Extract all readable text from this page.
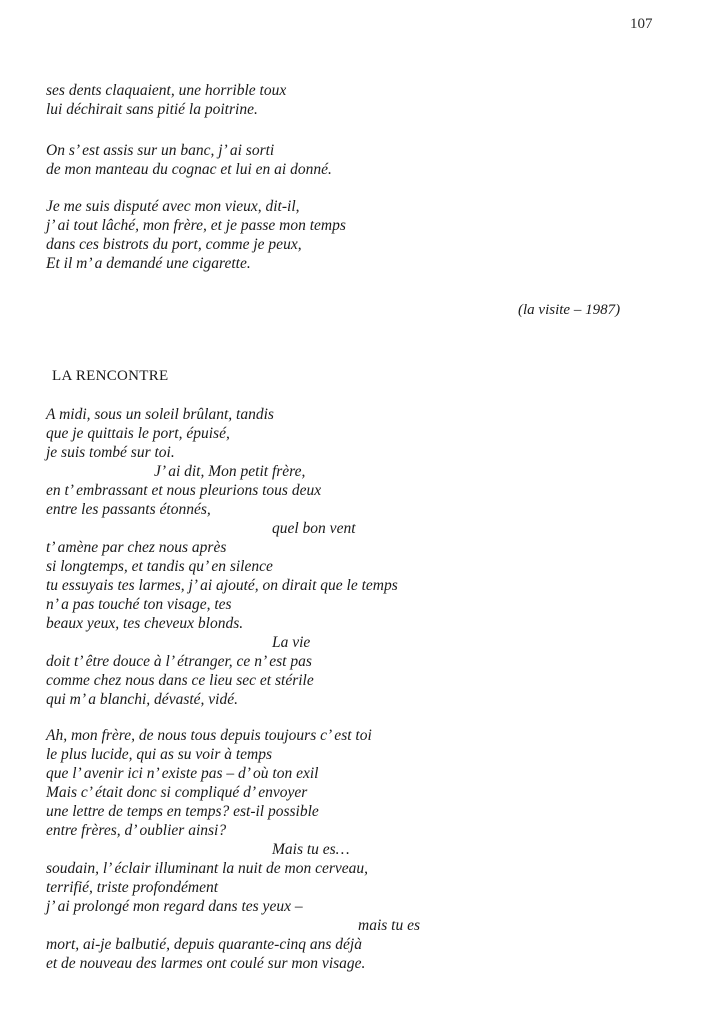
107
ses dents claquaient, une horrible toux
lui déchirait sans pitié la poitrine.
On s’ est assis sur un banc, j’ ai sorti
de mon manteau du cognac et lui en ai donné.
Je me suis disputé avec mon vieux, dit-il,
j’ ai tout lâché, mon frère, et je passe mon temps
dans ces bistrots du port, comme je peux,
Et il m’ a demandé une cigarette.
(la visite – 1987)
LA RENCONTRE
A midi, sous un soleil brûlant, tandis
que je quittais le port, épuisé,
je suis tombé sur toi.
J’ ai dit, Mon petit frère,
en t’ embrassant et nous pleurions tous deux
entre les passants étonnés,
quel bon vent
t’ amène par chez nous après
si longtemps, et tandis qu’ en silence
tu essuyais tes larmes, j’ ai ajouté, on dirait que le temps
n’ a pas touché ton visage, tes
beaux yeux, tes cheveux blonds.
La vie
doit t’ être douce à l’ étranger, ce n’ est pas
comme chez nous dans ce lieu sec et stérile
qui m’ a blanchi, dévasté, vidé.
Ah, mon frère, de nous tous depuis toujours c’ est toi
le plus lucide, qui as su voir à temps
que l’ avenir ici n’ existe pas – d’ où ton exil
Mais c’ était donc si compliqué d’ envoyer
une lettre de temps en temps? est-il possible
entre frères, d’ oublier ainsi?
Mais tu es…
soudain, l’ éclair illuminant la nuit de mon cerveau,
terrifié, triste profondément
j’ ai prolongé mon regard dans tes yeux –
mais tu es
mort, ai-je balbutié, depuis quarante-cinq ans déjà
et de nouveau des larmes ont coulé sur mon visage.
